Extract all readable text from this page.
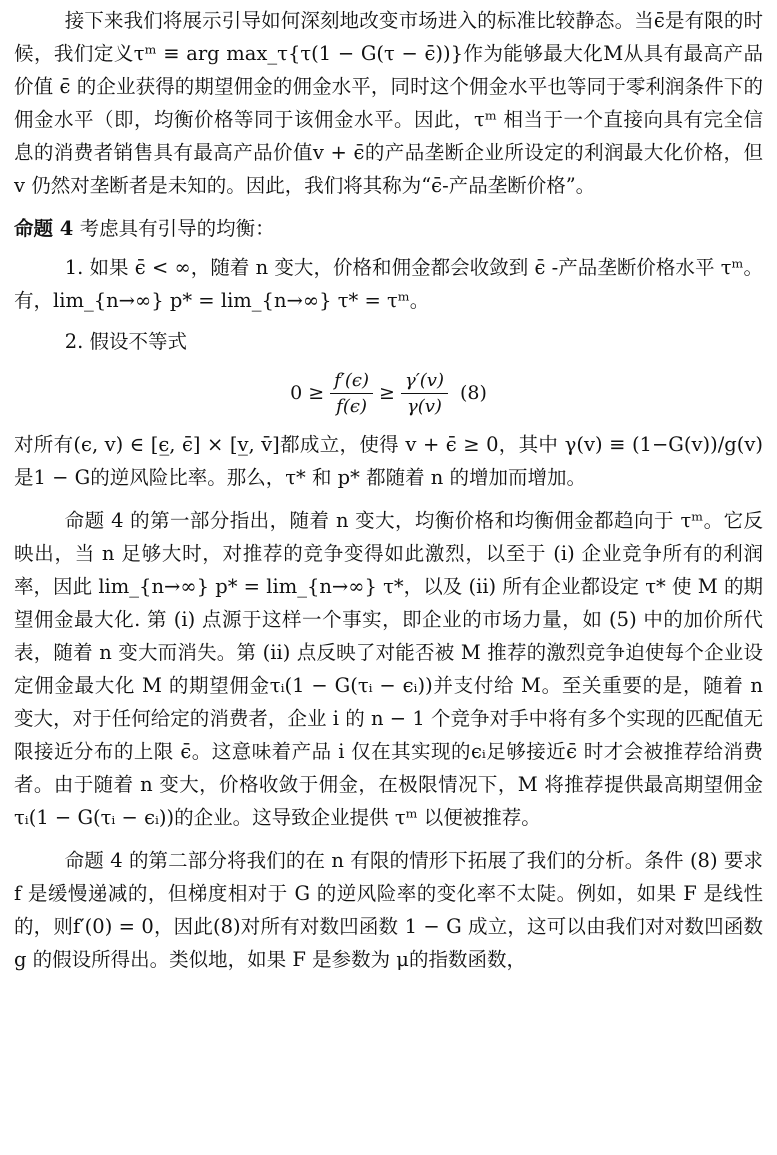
接下来我们将展示引导如何深刻地改变市场进入的标准比较静态。当ϵ̄是有限的时候，我们定义τᵐ ≡ arg max_τ{τ(1 − G(τ − ϵ̄))}作为能够最大化M从具有最高产品价值 ϵ̄ 的企业获得的期望佣金的佣金水平，同时这个佣金水平也等同于零利润条件下的佣金水平（即，均衡价格等同于该佣金水平。因此，τᵐ 相当于一个直接向具有完全信息的消费者销售具有最高产品价值v + ϵ̄的产品垄断企业所设定的利润最大化价格，但 v 仍然对垄断者是未知的。因此，我们将其称为“ϵ̄-产品垄断价格”。

命题 4 考虑具有引导的均衡：

1. 如果 ϵ̄ < ∞，随着 n 变大，价格和佣金都会收敛到 ϵ̄ -产品垄断价格水平 τᵐ。有，lim_{n→∞} p* = lim_{n→∞} τ* = τᵐ。

2. 假设不等式

$0 \ge \frac{f'(\epsilon)}{f(\epsilon)} \ge \frac{\gamma'(v)}{\gamma(v)} (8)$

对所有(ϵ, v) ∈ [ϵ̲, ϵ̄] × [v̲, v̄]都成立，使得 v + ϵ̄ ≥ 0，其中 γ(v) ≡ (1−G(v))/g(v) 是1 − G的逆风险比率。那么，τ* 和 p* 都随着 n 的增加而增加。

命题 4 的第一部分指出，随着 n 变大，均衡价格和均衡佣金都趋向于 τᵐ。它反映出，当 n 足够大时，对推荐的竞争变得如此激烈，以至于 (i) 企业竞争所有的利润率，因此 lim_{n→∞} p* = lim_{n→∞} τ*，以及 (ii) 所有企业都设定 τ* 使 M 的期望佣金最大化. 第 (i) 点源于这样一个事实，即企业的市场力量，如 (5) 中的加价所代表，随着 n 变大而消失。第 (ii) 点反映了对能否被 M 推荐的激烈竞争迫使每个企业设定佣金最大化 M 的期望佣金τᵢ(1 − G(τᵢ − ϵᵢ))并支付给 M。至关重要的是，随着 n 变大，对于任何给定的消费者，企业 i 的 n − 1 个竞争对手中将有多个实现的匹配值无限接近分布的上限 ϵ̄。这意味着产品 i 仅在其实现的ϵᵢ足够接近ϵ̄ 时才会被推荐给消费者。由于随着 n 变大，价格收敛于佣金，在极限情况下，M 将推荐提供最高期望佣金τᵢ(1 − G(τᵢ − ϵᵢ))的企业。这导致企业提供 τᵐ 以便被推荐。

命题 4 的第二部分将我们的在 n 有限的情形下拓展了我们的分析。条件 (8) 要求 f 是缓慢递减的，但梯度相对于 G 的逆风险率的变化率不太陡。例如，如果 F 是线性的，则f′(0) = 0，因此(8)对所有对数凹函数 1 − G 成立，这可以由我们对对数凹函数 g 的假设所得出。类似地，如果 F 是参数为 μ的指数函数，
